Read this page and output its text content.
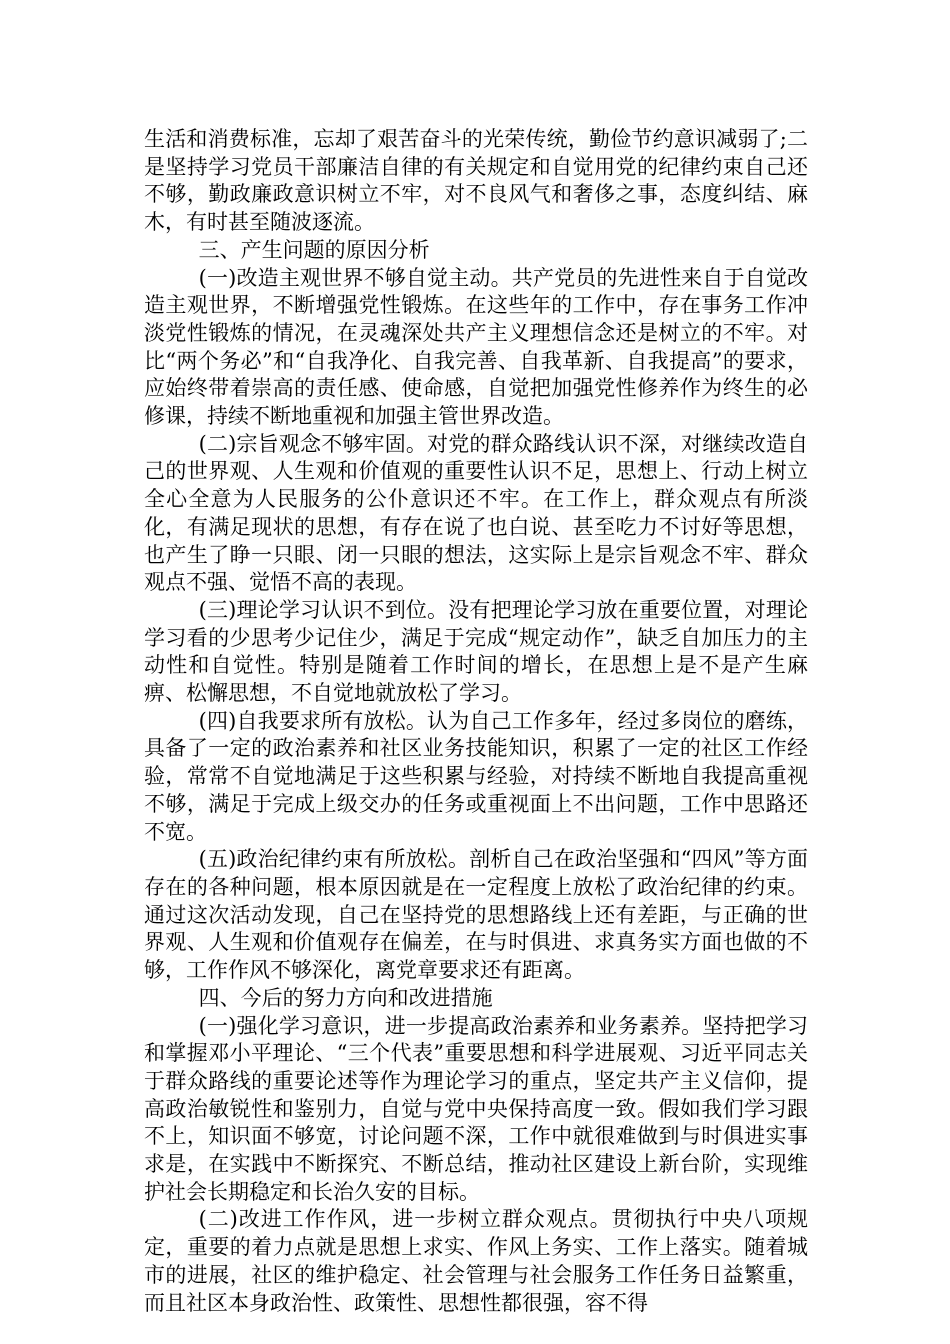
生活和消费标准，忘却了艰苦奋斗的光荣传统，勤俭节约意识减弱了;二是坚持学习党员干部廉洁自律的有关规定和自觉用党的纪律约束自己还不够，勤政廉政意识树立不牢，对不良风气和奢侈之事，态度纠结、麻木，有时甚至随波逐流。

三、产生问题的原因分析

(一)改造主观世界不够自觉主动。共产党员的先进性来自于自觉改造主观世界，不断增强党性锻炼。在这些年的工作中，存在事务工作冲淡党性锻炼的情况，在灵魂深处共产主义理想信念还是树立的不牢。对比“两个务必”和“自我净化、自我完善、自我革新、自我提高”的要求，应始终带着崇高的责任感、使命感，自觉把加强党性修养作为终生的必修课，持续不断地重视和加强主管世界改造。

(二)宗旨观念不够牢固。对党的群众路线认识不深，对继续改造自己的世界观、人生观和价值观的重要性认识不足，思想上、行动上树立全心全意为人民服务的公仆意识还不牢。在工作上，群众观点有所淡化，有满足现状的思想，有存在说了也白说、甚至吃力不讨好等思想，也产生了睁一只眼、闭一只眼的想法，这实际上是宗旨观念不牢、群众观点不强、觉悟不高的表现。

(三)理论学习认识不到位。没有把理论学习放在重要位置，对理论学习看的少思考少记住少，满足于完成“规定动作”，缺乏自加压力的主动性和自觉性。特别是随着工作时间的增长，在思想上是不是产生麻痹、松懈思想，不自觉地就放松了学习。

(四)自我要求所有放松。认为自己工作多年，经过多岗位的磨练，具备了一定的政治素养和社区业务技能知识，积累了一定的社区工作经验，常常不自觉地满足于这些积累与经验，对持续不断地自我提高重视不够，满足于完成上级交办的任务或重视面上不出问题，工作中思路还不宽。

(五)政治纪律约束有所放松。剖析自己在政治坚强和“四风”等方面存在的各种问题，根本原因就是在一定程度上放松了政治纪律的约束。通过这次活动发现，自己在坚持党的思想路线上还有差距，与正确的世界观、人生观和价值观存在偏差，在与时俱进、求真务实方面也做的不够，工作作风不够深化，离党章要求还有距离。

四、今后的努力方向和改进措施

(一)强化学习意识，进一步提高政治素养和业务素养。坚持把学习和掌握邓小平理论、“三个代表”重要思想和科学进展观、习近平同志关于群众路线的重要论述等作为理论学习的重点，坚定共产主义信仰，提高政治敏锐性和鉴别力，自觉与党中央保持高度一致。假如我们学习跟不上，知识面不够宽，讨论问题不深，工作中就很难做到与时俱进实事求是，在实践中不断探究、不断总结，推动社区建设上新台阶，实现维护社会长期稳定和长治久安的目标。

(二)改进工作作风，进一步树立群众观点。贯彻执行中央八项规定，重要的着力点就是思想上求实、作风上务实、工作上落实。随着城市的进展，社区的维护稳定、社会管理与社会服务工作任务日益繁重，而且社区本身政治性、政策性、思想性都很强，容不得
